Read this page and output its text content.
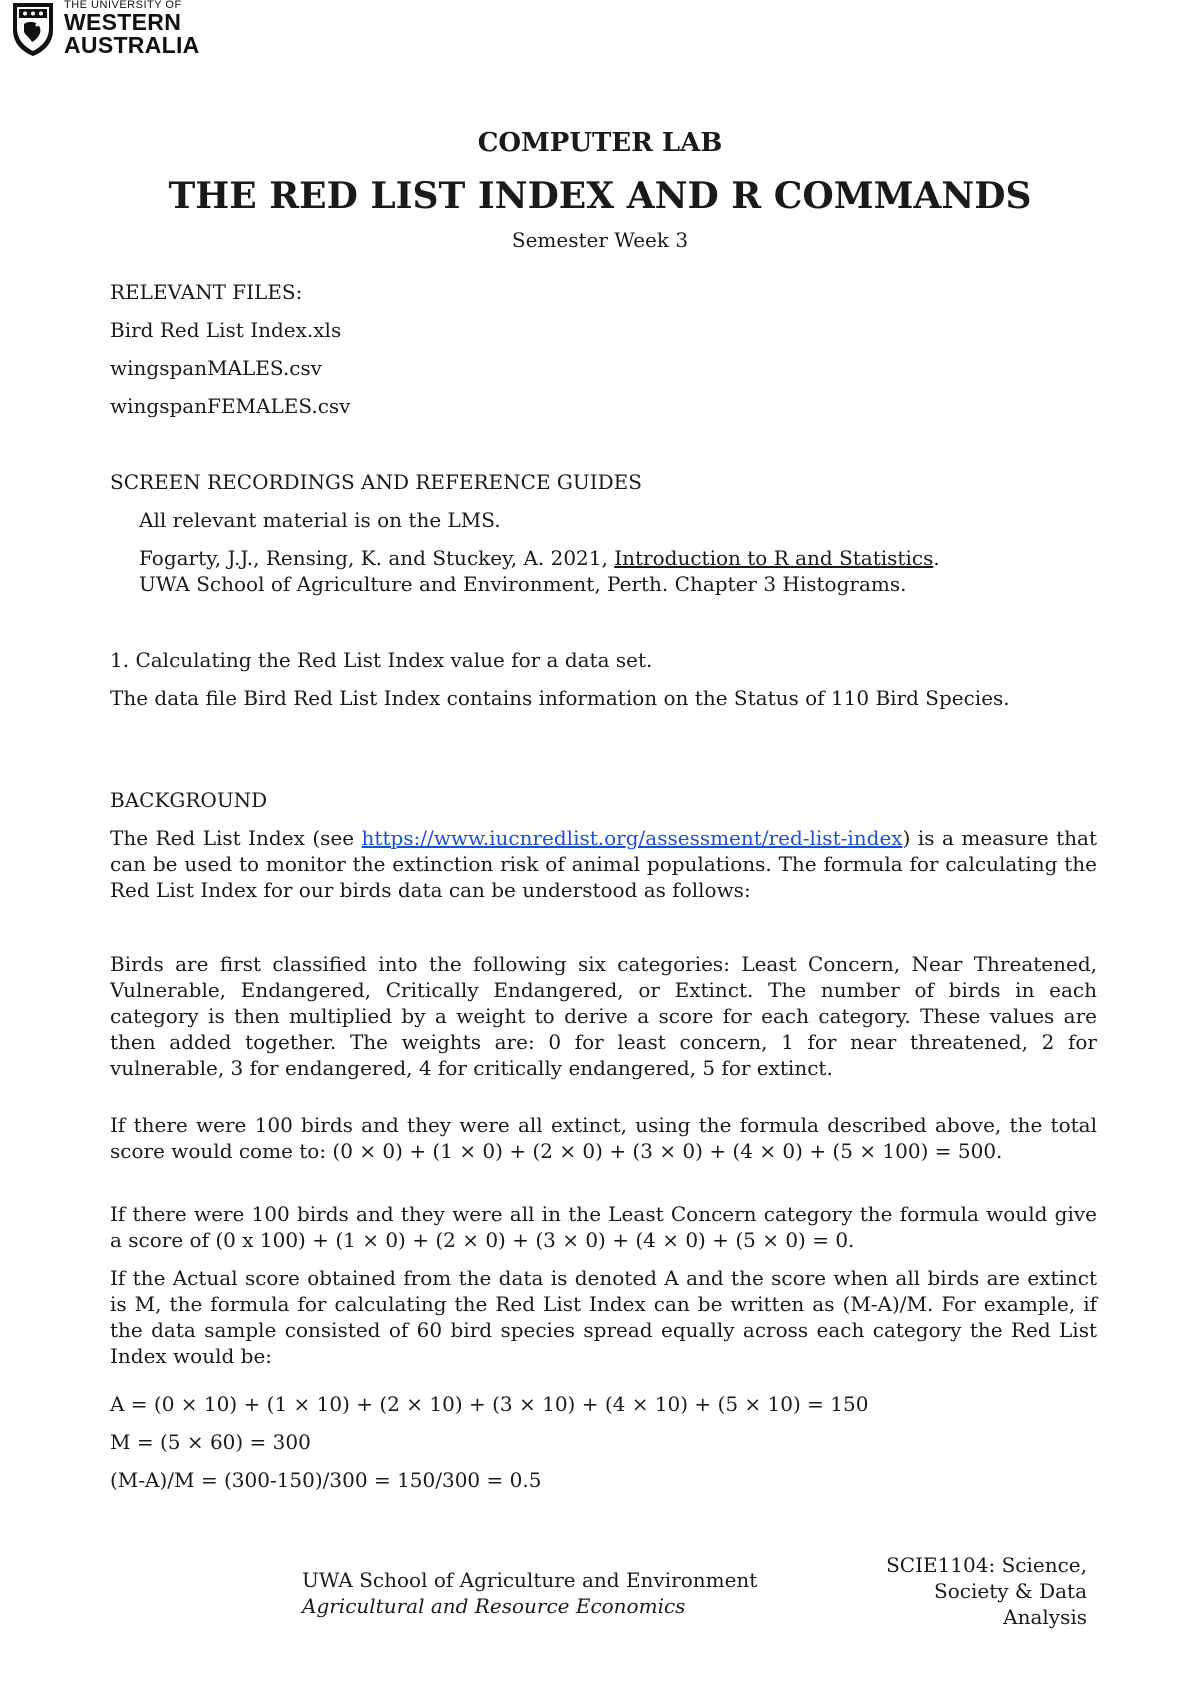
THE UNIVERSITY OF
WESTERN
AUSTRALIA
COMPUTER LAB
THE RED LIST INDEX AND R COMMANDS
Semester Week 3

RELEVANT FILES:

Bird Red List Index.xls

wingspanMALES.csv

wingspanFEMALES.csv

SCREEN RECORDINGS AND REFERENCE GUIDES

All relevant material is on the LMS.

Fogarty, J.J., Rensing, K. and Stuckey, A. 2021, Introduction to R and Statistics.
UWA School of Agriculture and Environment, Perth. Chapter 3 Histograms.

1. Calculating the Red List Index value for a data set.

The data file Bird Red List Index contains information on the Status of 110 Bird Species.

BACKGROUND

The Red List Index (see https://www.iucnredlist.org/assessment/red-list-index) is a measure that can be used to monitor the extinction risk of animal populations. The formula for calculating the Red List Index for our birds data can be understood as follows:

Birds are first classified into the following six categories: Least Concern, Near Threatened, Vulnerable, Endangered, Critically Endangered, or Extinct. The number of birds in each category is then multiplied by a weight to derive a score for each category. These values are then added together. The weights are: 0 for least concern, 1 for near threatened, 2 for vulnerable, 3 for endangered, 4 for critically endangered, 5 for extinct.

If there were 100 birds and they were all extinct, using the formula described above, the total score would come to: (0 × 0) + (1 × 0) + (2 × 0) + (3 × 0) + (4 × 0) + (5 × 100) = 500.

If there were 100 birds and they were all in the Least Concern category the formula would give a score of (0 x 100) + (1 × 0) + (2 × 0) + (3 × 0) + (4 × 0) + (5 × 0) = 0.

If the Actual score obtained from the data is denoted A and the score when all birds are extinct is M, the formula for calculating the Red List Index can be written as (M-A)/M. For example, if the data sample consisted of 60 bird species spread equally across each category the Red List Index would be:

A = (0 × 10) + (1 × 10) + (2 × 10) + (3 × 10) + (4 × 10) + (5 × 10) = 150

M = (5 × 60) = 300

(M-A)/M = (300-150)/300 = 150/300 = 0.5

UWA School of Agriculture and Environment
Agricultural and Resource Economics
SCIE1104: Science,
Society & Data
Analysis
